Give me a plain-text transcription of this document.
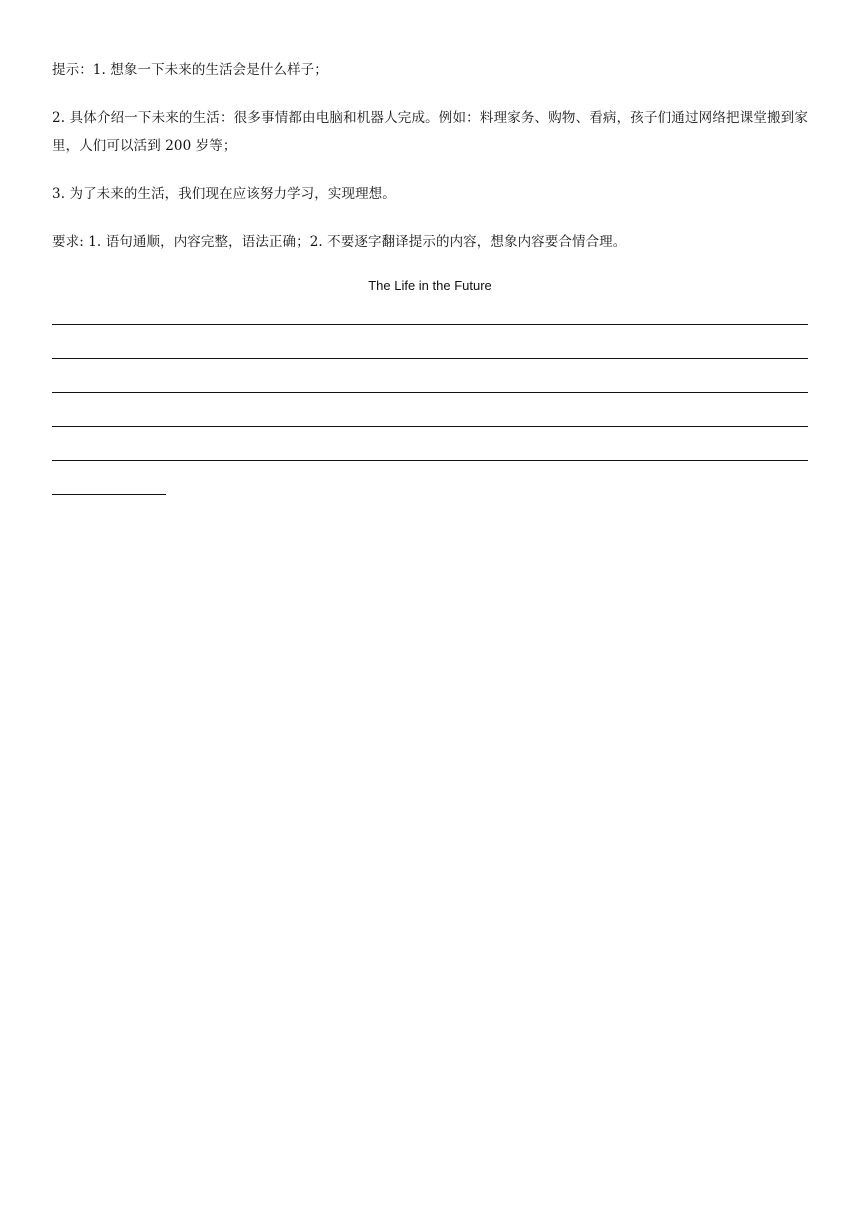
提示：1. 想象一下未来的生活会是什么样子；

2. 具体介绍一下未来的生活：很多事情都由电脑和机器人完成。例如：料理家务、购物、看病，孩子们通过网络把课堂搬到家里，人们可以活到 200 岁等；

3. 为了未来的生活，我们现在应该努力学习，实现理想。

要求: 1. 语句通顺，内容完整，语法正确；2. 不要逐字翻译提示的内容，想象内容要合情合理。

The Life in the Future
